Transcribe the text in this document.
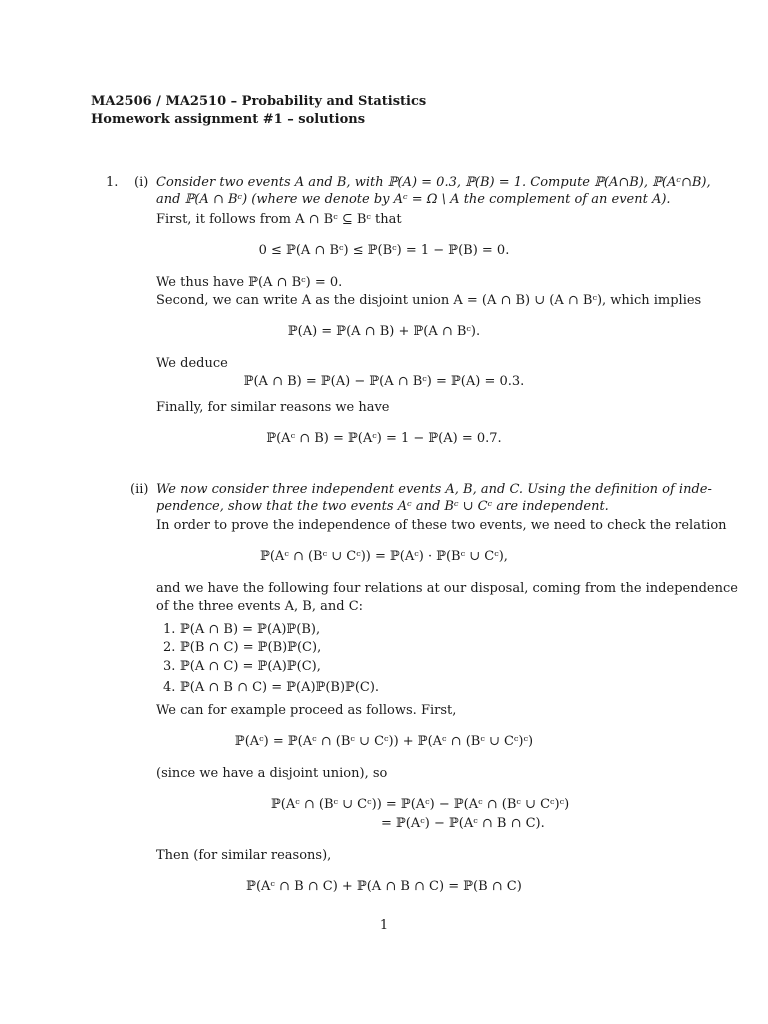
MA2506 / MA2510 – Probability and Statistics
Homework assignment #1 – solutions
1. (i) Consider two events A and B, with ℙ(A) = 0.3, ℙ(B) = 1. Compute ℙ(A∩B), ℙ(Aᶜ∩B),
and ℙ(A ∩ Bᶜ) (where we denote by Aᶜ = Ω \ A the complement of an event A).
First, it follows from A ∩ Bᶜ ⊆ Bᶜ that
0 ≤ ℙ(A ∩ Bᶜ) ≤ ℙ(Bᶜ) = 1 − ℙ(B) = 0.
We thus have ℙ(A ∩ Bᶜ) = 0.
Second, we can write A as the disjoint union A = (A ∩ B) ∪ (A ∩ Bᶜ), which implies
ℙ(A) = ℙ(A ∩ B) + ℙ(A ∩ Bᶜ).
We deduce
ℙ(A ∩ B) = ℙ(A) − ℙ(A ∩ Bᶜ) = ℙ(A) = 0.3.
Finally, for similar reasons we have
ℙ(Aᶜ ∩ B) = ℙ(Aᶜ) = 1 − ℙ(A) = 0.7.
(ii) We now consider three independent events A, B, and C. Using the definition of inde-
pendence, show that the two events Aᶜ and Bᶜ ∪ Cᶜ are independent.
In order to prove the independence of these two events, we need to check the relation
ℙ(Aᶜ ∩ (Bᶜ ∪ Cᶜ)) = ℙ(Aᶜ) · ℙ(Bᶜ ∪ Cᶜ),
and we have the following four relations at our disposal, coming from the independence
of the three events A, B, and C:
1. ℙ(A ∩ B) = ℙ(A)ℙ(B),
2. ℙ(B ∩ C) = ℙ(B)ℙ(C),
3. ℙ(A ∩ C) = ℙ(A)ℙ(C),
4. ℙ(A ∩ B ∩ C) = ℙ(A)ℙ(B)ℙ(C).
We can for example proceed as follows. First,
ℙ(Aᶜ) = ℙ(Aᶜ ∩ (Bᶜ ∪ Cᶜ)) + ℙ(Aᶜ ∩ (Bᶜ ∪ Cᶜ)ᶜ)
(since we have a disjoint union), so
ℙ(Aᶜ ∩ (Bᶜ ∪ Cᶜ)) = ℙ(Aᶜ) − ℙ(Aᶜ ∩ (Bᶜ ∪ Cᶜ)ᶜ)
= ℙ(Aᶜ) − ℙ(Aᶜ ∩ B ∩ C).
Then (for similar reasons),
ℙ(Aᶜ ∩ B ∩ C) + ℙ(A ∩ B ∩ C) = ℙ(B ∩ C)
1
